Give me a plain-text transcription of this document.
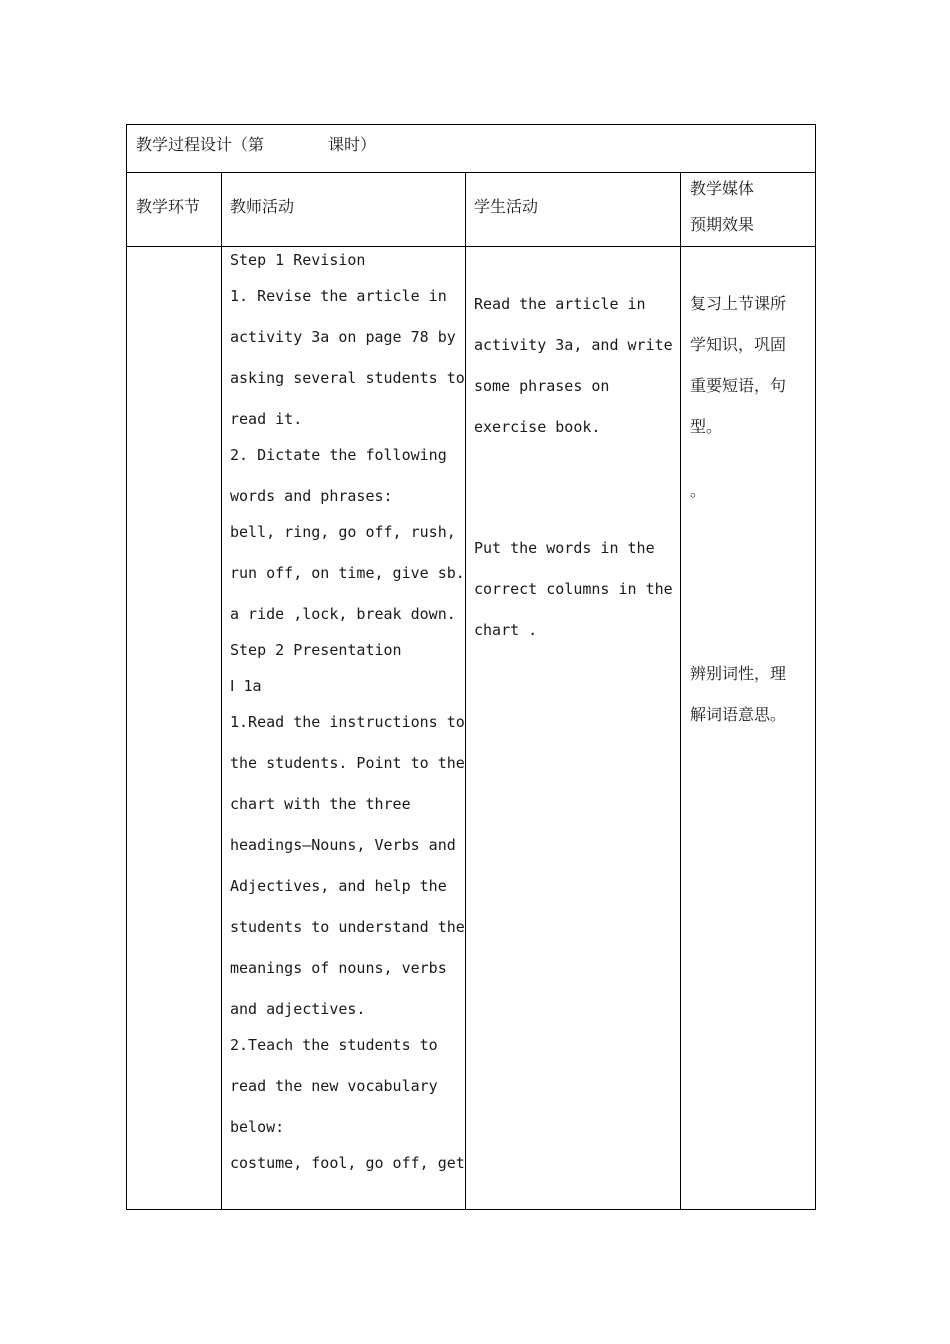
教学过程设计（第	课时）
教学环节 教师活动	学生活动
教学媒体
预期效果
Step 1 Revision
1. Revise the article in
activity 3a on page 78 by
asking several students to
read it.
2. Dictate the following
words and phrases:
bell, ring, go off, rush,
run off, on time, give sb.
a ride ,lock, break down.
Step 2 Presentation
Ⅰ 1a
1.Read the instructions to
the students. Point to the
chart with the three
headings—Nouns, Verbs and
Adjectives, and help the
students to understand the
meanings of nouns, verbs
and adjectives.
2.Teach the students to
read the new vocabulary
below:
costume, fool, go off, get
Read the article in
activity 3a, and write
some phrases on
exercise book.
Put the words in the
correct columns in the
chart .
复习上节课所
学知识，巩固
重要短语，句
型。
。
辨别词性，理
解词语意思。
